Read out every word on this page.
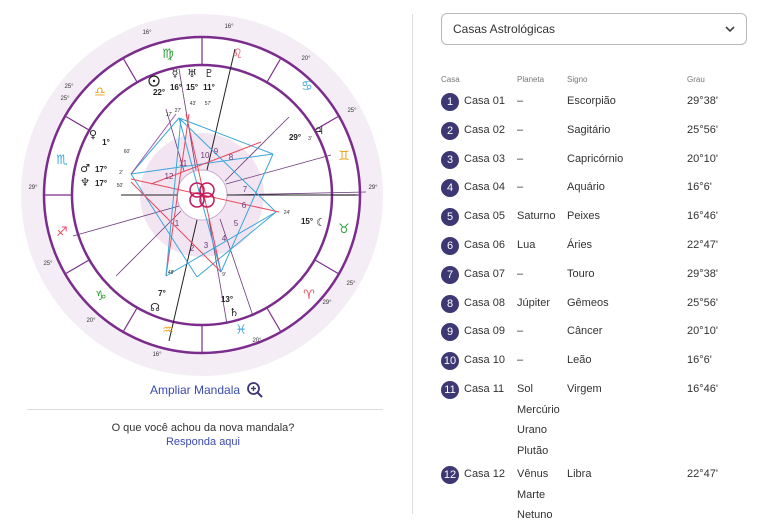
1
2 3
4
5
6
7
8
9
10
11
12
♌
♋
♊
♉
♈
♓
♒
♑
♐
♏
♎
♍
16°
16°
20°
25°
29°
25°
29°
20°
16°
20°
25°
29°
25°
25°
☿ ♅ ♇
♃
♀
♂
♆
☾
♄
☊
22°
16° 15° 11°
29°
1°
17°
17°
15°
13°
7°
17'
27'
43' 57'
3'
60'
2'
50'
24'
9'
48'
Ampliar Mandala
O que você achou da nova mandala?
Responda aqui
Casas Astrológicas
Casa	Planeta	Signo	Grau
1 Casa 01 –	Escorpião	29°38'
2 Casa 02 –	Sagitário	25°56'
3 Casa 03 –	Capricórnio	20°10'
4 Casa 04 –	Aquário	16°6'
5 Casa 05 Saturno Peixes	16°46'
6 Casa 06 Lua	Áries	22°47'
7 Casa 07 –	Touro	29°38'
8 Casa 08 Júpiter Gêmeos	25°56'
9 Casa 09 –	Câncer	20°10'
10 Casa 10 –	Leão	16°6'
11 Casa 11 Sol
Mercúrio
Urano
Plutão
Virgem	16°46'
12 Casa 12 Vênus
Marte
Netuno
Libra	22°47'
